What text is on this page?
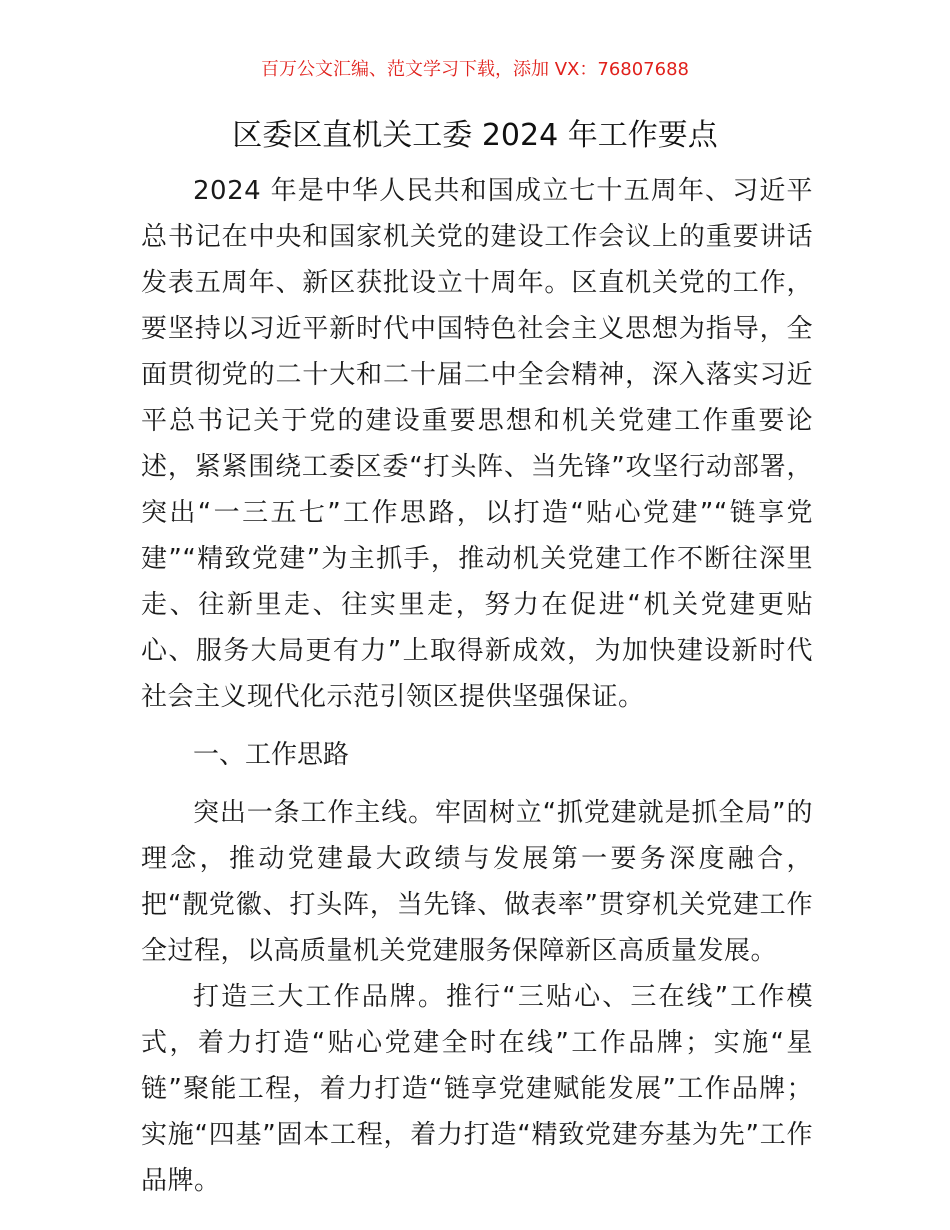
百万公文汇编、范文学习下载，添加 VX：76807688
区委区直机关工委 2024 年工作要点

2024 年是中华人民共和国成立七十五周年、习近平总书记在中央和国家机关党的建设工作会议上的重要讲话发表五周年、新区获批设立十周年。区直机关党的工作，要坚持以习近平新时代中国特色社会主义思想为指导，全面贯彻党的二十大和二十届二中全会精神，深入落实习近平总书记关于党的建设重要思想和机关党建工作重要论述，紧紧围绕工委区委“打头阵、当先锋”攻坚行动部署，突出“一三五七”工作思路，以打造“贴心党建”“链享党建”“精致党建”为主抓手，推动机关党建工作不断往深里走、往新里走、往实里走，努力在促进“机关党建更贴心、服务大局更有力”上取得新成效，为加快建设新时代社会主义现代化示范引领区提供坚强保证。

一、工作思路

突出一条工作主线。牢固树立“抓党建就是抓全局”的理念，推动党建最大政绩与发展第一要务深度融合，把“靓党徽、打头阵，当先锋、做表率”贯穿机关党建工作全过程，以高质量机关党建服务保障新区高质量发展。

打造三大工作品牌。推行“三贴心、三在线”工作模式，着力打造“贴心党建全时在线”工作品牌；实施“星链”聚能工程，着力打造“链享党建赋能发展”工作品牌；实施“四基”固本工程，着力打造“精致党建夯基为先”工作品牌。
